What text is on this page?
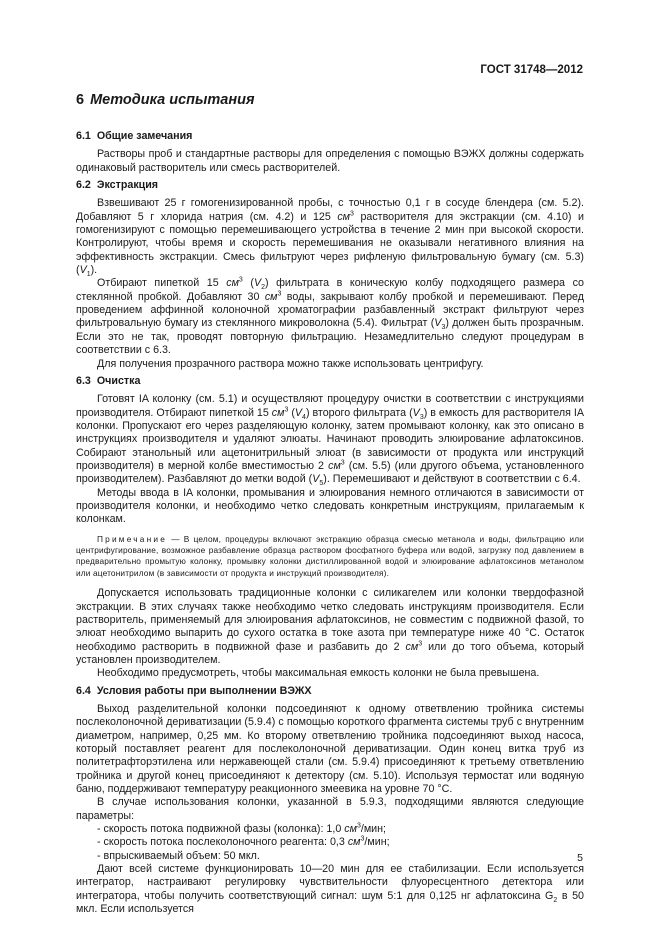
ГОСТ 31748—2012
6 Методика испытания
6.1 Общие замечания

Растворы проб и стандартные растворы для определения с помощью ВЭЖХ должны содержать одинаковый растворитель или смесь растворителей.

6.2 Экстракция

Взвешивают 25 г гомогенизированной пробы, с точностью 0,1 г в сосуде блендера (см. 5.2). Добавляют 5 г хлорида натрия (см. 4.2) и 125 $см^3$ растворителя для экстракции (см. 4.10) и гомогенизируют с помощью перемешивающего устройства в течение 2 мин при высокой скорости. Контролируют, чтобы время и скорость перемешивания не оказывали негативного влияния на эффективность экстракции. Смесь фильтруют через рифленую фильтровальную бумагу (см. 5.3) $(V_1)$.

Отбирают пипеткой 15 $см^3$ $(V_2)$ фильтрата в коническую колбу подходящего размера со стеклянной пробкой. Добавляют 30 $см^3$ воды, закрывают колбу пробкой и перемешивают. Перед проведением аффинной колоночной хроматографии разбавленный экстракт фильтруют через фильтровальную бумагу из стеклянного микроволокна (5.4). Фильтрат $(V_3)$ должен быть прозрачным. Если это не так, проводят повторную фильтрацию. Незамедлительно следуют процедурам в соответствии с 6.3.

Для получения прозрачного раствора можно также использовать центрифугу.

6.3 Очистка

Готовят IA колонку (см. 5.1) и осуществляют процедуру очистки в соответствии с инструкциями производителя. Отбирают пипеткой 15 $см^3$ $(V_4)$ второго фильтрата $(V_3)$ в емкость для растворителя IA колонки. Пропускают его через разделяющую колонку, затем промывают колонку, как это описано в инструкциях производителя и удаляют элюаты. Начинают проводить элюирование афлатоксинов. Собирают этанольный или ацетонитрильный элюат (в зависимости от продукта или инструкций производителя) в мерной колбе вместимостью 2 $см^3$ (см. 5.5) (или другого объема, установленного производителем). Разбавляют до метки водой $(V_5)$. Перемешивают и действуют в соответствии с 6.4.

Методы ввода в IA колонки, промывания и элюирования немного отличаются в зависимости от производителя колонки, и необходимо четко следовать конкретным инструкциям, прилагаемым к колонкам.

Примечание — В целом, процедуры включают экстракцию образца смесью метанола и воды, фильтрацию или центрифугирование, возможное разбавление образца раствором фосфатного буфера или водой, загрузку под давлением в предварительно промытую колонку, промывку колонки дистиллированной водой и элюирование афлатоксинов метанолом или ацетонитрилом (в зависимости от продукта и инструкций производителя).

Допускается использовать традиционные колонки с силикагелем или колонки твердофазной экстракции. В этих случаях также необходимо четко следовать инструкциям производителя. Если растворитель, применяемый для элюирования афлатоксинов, не совместим с подвижной фазой, то элюат необходимо выпарить до сухого остатка в токе азота при температуре ниже 40 °С. Остаток необходимо растворить в подвижной фазе и разбавить до 2 $см^3$ или до того объема, который установлен производителем.

Необходимо предусмотреть, чтобы максимальная емкость колонки не была превышена.

6.4 Условия работы при выполнении ВЭЖХ

Выход разделительной колонки подсоединяют к одному ответвлению тройника системы послеколоночной дериватизации (5.9.4) с помощью короткого фрагмента системы труб с внутренним диаметром, например, 0,25 мм. Ко второму ответвлению тройника подсоединяют выход насоса, который поставляет реагент для послеколоночной дериватизации. Один конец витка труб из политетрафторэтилена или нержавеющей стали (см. 5.9.4) присоединяют к третьему ответвлению тройника и другой конец присоединяют к детектору (см. 5.10). Используя термостат или водяную баню, поддерживают температуру реакционного змеевика на уровне 70 °С.

В случае использования колонки, указанной в 5.9.3, подходящими являются следующие параметры:

- скорость потока подвижной фазы (колонка): 1,0 $см^3$/мин;
- скорость потока послеколоночного реагента: 0,3 $см^3$/мин;
- впрыскиваемый объем: 50 мкл.

Дают всей системе функционировать 10—20 мин для ее стабилизации. Если используется интегратор, настраивают регулировку чувствительности флуоресцентного детектора или интегратора, чтобы получить соответствующий сигнал: шум 5:1 для 0,125 нг афлатоксина $G_2$ в 50 мкл. Если используется

5
